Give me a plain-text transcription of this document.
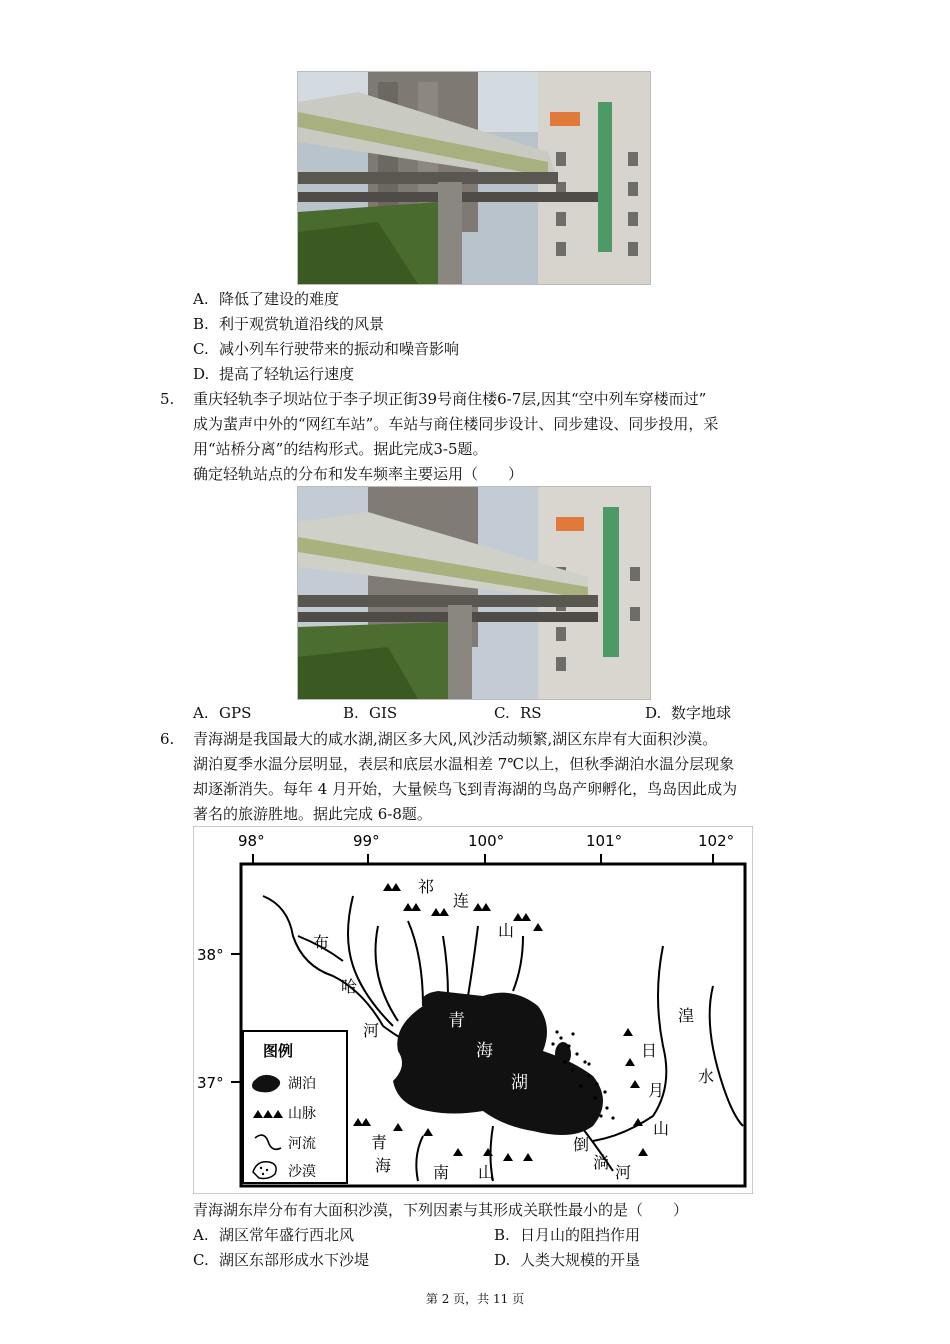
A. 降低了建设的难度
B. 利于观赏轨道沿线的风景
C. 减小列车行驶带来的振动和噪音影响
D. 提高了轻轨运行速度
5. 重庆轻轨李子坝站位于李子坝正街39号商住楼6-7层,因其“空中列车穿楼而过”
成为蜚声中外的“网红车站”。车站与商住楼同步设计、同步建设、同步投用，采
用“站桥分离”的结构形式。据此完成3-5题。
确定轻轨站点的分布和发车频率主要运用（　　）
A. GPS	B. GIS	C. RS	D. 数字地球
6. 青海湖是我国最大的咸水湖,湖区多大风,风沙活动频繁,湖区东岸有大面积沙漠。
湖泊夏季水温分层明显，表层和底层水温相差 7℃以上，但秋季湖泊水温分层现象
却逐渐消失。每年 4 月开始，大量候鸟飞到青海湖的鸟岛产卵孵化，鸟岛因此成为
著名的旅游胜地。据此完成 6-8题。
98°	99°	100°	101°	102°
38°
37°
祁
连
山
布
哈
河	青
海
湖
日
月
山
湟
水
青
海	南 山
倒
淌
河
图例
湖泊
山脉
河流
沙漠
青海湖东岸分布有大面积沙漠，下列因素与其形成关联性最小的是（　　）
A. 湖区常年盛行西北风	B. 日月山的阻挡作用
C. 湖区东部形成水下沙堤	D. 人类大规模的开垦
第 2 页，共 11 页
